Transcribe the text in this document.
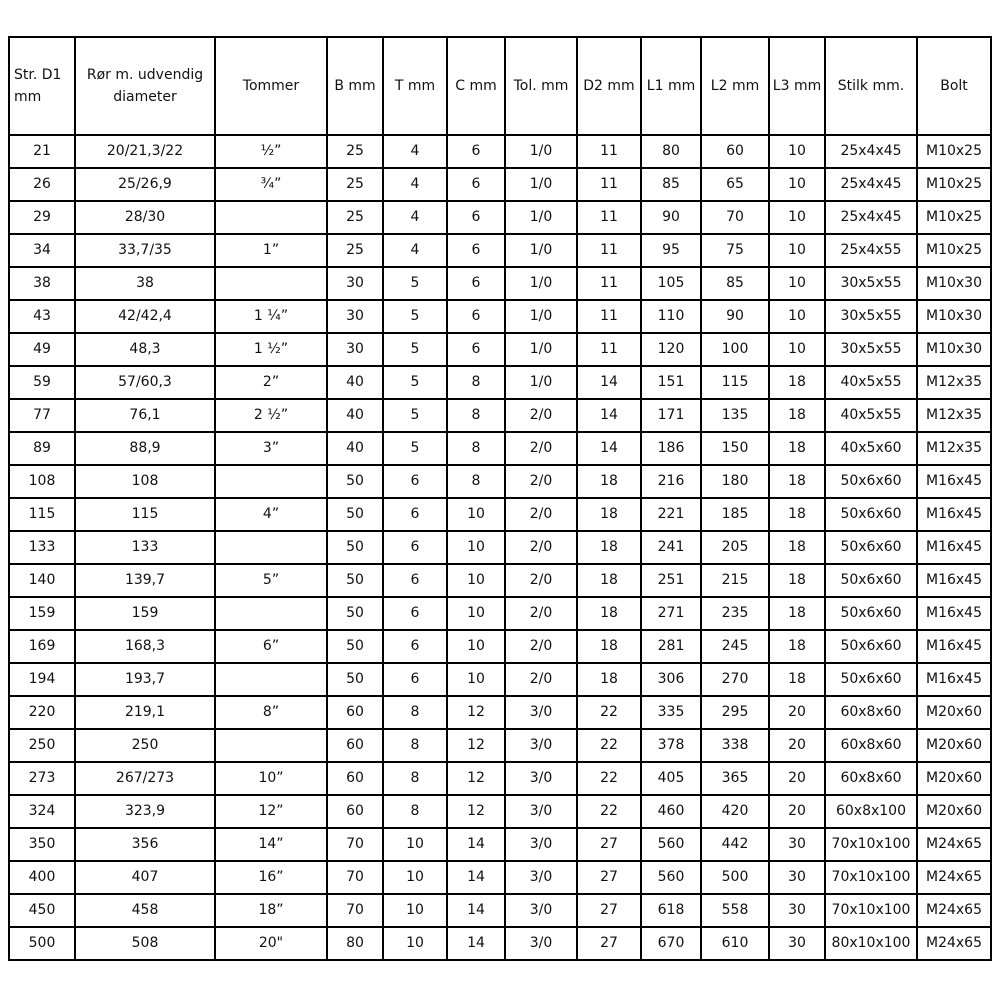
Str. D1 mm	Rør m. udvendig diameter	Tommer	B mm	T mm	C mm	Tol. mm	D2 mm	L1 mm	L2 mm	L3 mm	Stilk mm.	Bolt
21	20/21,3/22	½”	25	4	6	1/0	11	80	60	10	25x4x45	M10x25
26	25/26,9	¾”	25	4	6	1/0	11	85	65	10	25x4x45	M10x25
29	28/30		25	4	6	1/0	11	90	70	10	25x4x45	M10x25
34	33,7/35	1”	25	4	6	1/0	11	95	75	10	25x4x55	M10x25
38	38		30	5	6	1/0	11	105	85	10	30x5x55	M10x30
43	42/42,4	1 ¼”	30	5	6	1/0	11	110	90	10	30x5x55	M10x30
49	48,3	1 ½”	30	5	6	1/0	11	120	100	10	30x5x55	M10x30
59	57/60,3	2”	40	5	8	1/0	14	151	115	18	40x5x55	M12x35
77	76,1	2 ½”	40	5	8	2/0	14	171	135	18	40x5x55	M12x35
89	88,9	3”	40	5	8	2/0	14	186	150	18	40x5x60	M12x35
108	108		50	6	8	2/0	18	216	180	18	50x6x60	M16x45
115	115	4”	50	6	10	2/0	18	221	185	18	50x6x60	M16x45
133	133		50	6	10	2/0	18	241	205	18	50x6x60	M16x45
140	139,7	5”	50	6	10	2/0	18	251	215	18	50x6x60	M16x45
159	159		50	6	10	2/0	18	271	235	18	50x6x60	M16x45
169	168,3	6”	50	6	10	2/0	18	281	245	18	50x6x60	M16x45
194	193,7		50	6	10	2/0	18	306	270	18	50x6x60	M16x45
220	219,1	8”	60	8	12	3/0	22	335	295	20	60x8x60	M20x60
250	250		60	8	12	3/0	22	378	338	20	60x8x60	M20x60
273	267/273	10”	60	8	12	3/0	22	405	365	20	60x8x60	M20x60
324	323,9	12”	60	8	12	3/0	22	460	420	20	60x8x100	M20x60
350	356	14”	70	10	14	3/0	27	560	442	30	70x10x100	M24x65
400	407	16”	70	10	14	3/0	27	560	500	30	70x10x100	M24x65
450	458	18”	70	10	14	3/0	27	618	558	30	70x10x100	M24x65
500	508	20"	80	10	14	3/0	27	670	610	30	80x10x100	M24x65
